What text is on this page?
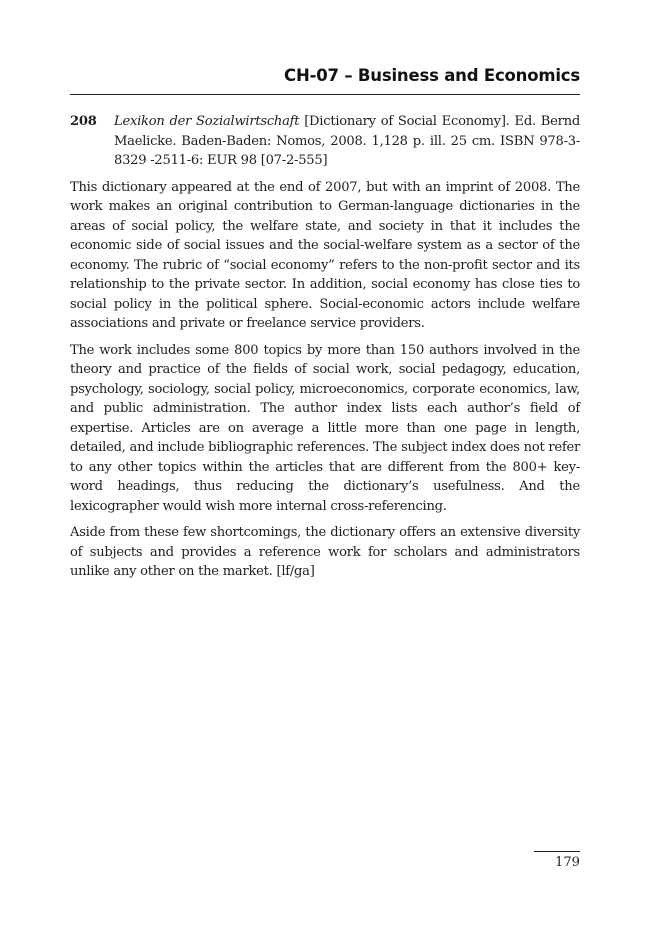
CH-07 – Business and Economics
208	Lexikon der Sozialwirtschaft [Dictionary of Social Economy]. Ed. Bernd Maelicke. Baden-Baden: Nomos, 2008. 1,128 p. ill. 25 cm. ISBN 978-3-8329 -2511-6: EUR 98 [07-2-555]

This dictionary appeared at the end of 2007, but with an imprint of 2008. The work makes an original contribution to German-language dictionaries in the areas of social policy, the welfare state, and society in that it includes the economic side of social issues and the social-welfare system as a sector of the economy. The rubric of “social economy” refers to the non-profit sector and its relationship to the private sector. In addition, social economy has close ties to social policy in the political sphere. Social-economic actors include welfare associations and private or freelance service providers.

The work includes some 800 topics by more than 150 authors involved in the theory and practice of the fields of social work, social pedagogy, education, psychology, sociology, social policy, microeconomics, corporate economics, law, and public administration. The author index lists each author’s field of expertise. Articles are on average a little more than one page in length, detailed, and include bibliographic references. The subject index does not refer to any other topics within the articles that are different from the 800+ key-word headings, thus reducing the dictionary’s usefulness. And the lexicographer would wish more internal cross-referencing.

Aside from these few shortcomings, the dictionary offers an extensive diversity of subjects and provides a reference work for scholars and administrators unlike any other on the market. [lf/ga]

179
